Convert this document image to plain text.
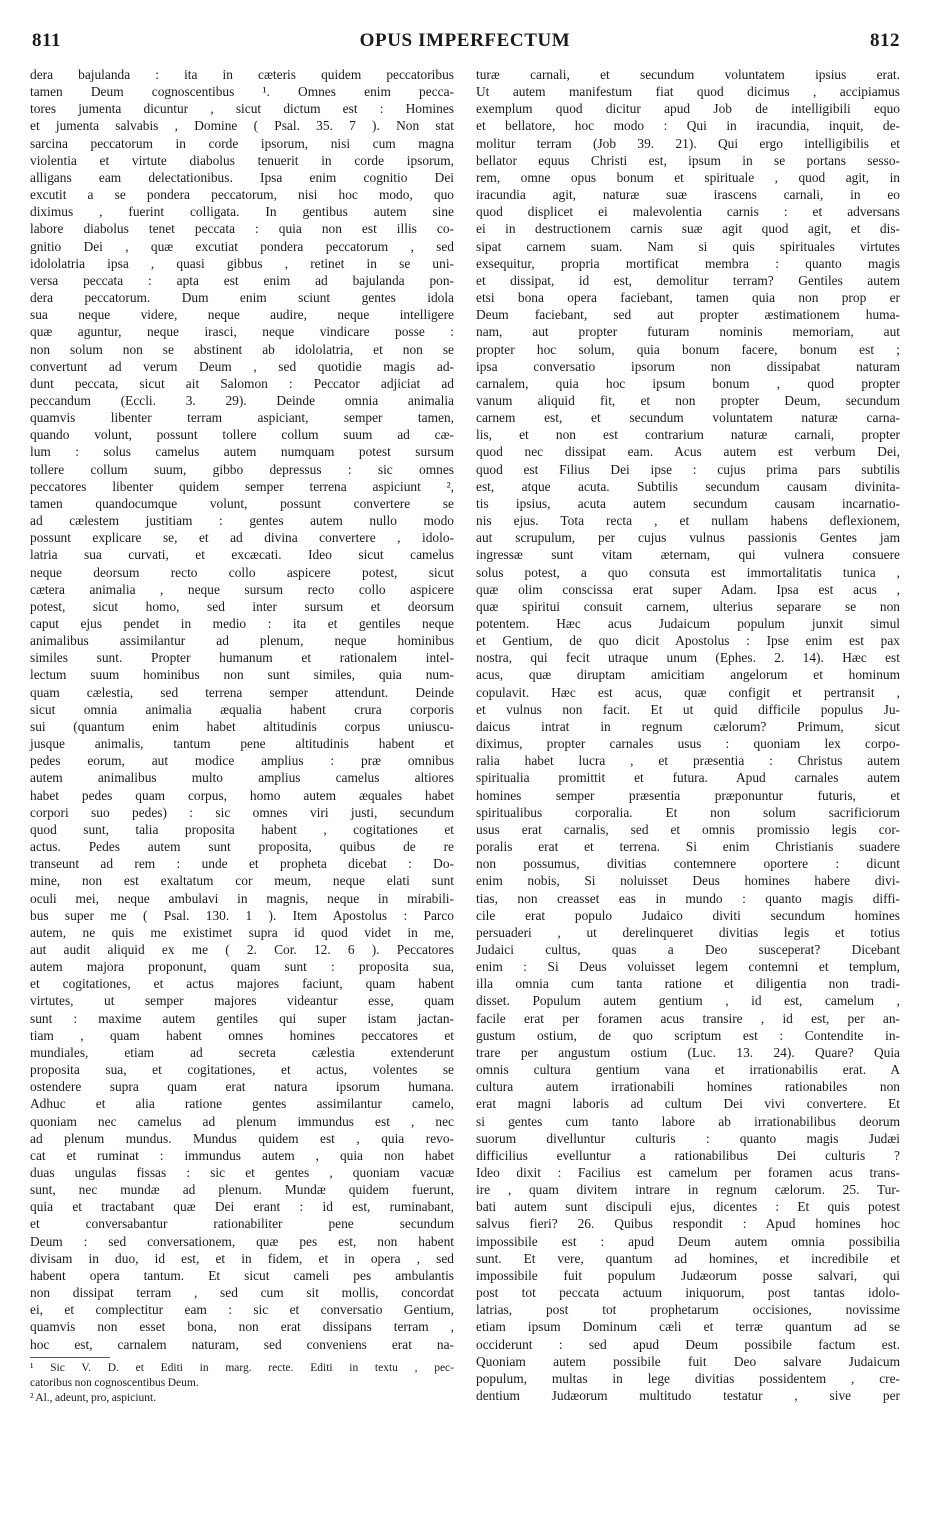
811	OPUS IMPERFECTUM	812
dera bajulanda : ita in cæteris quidem peccatoribus
tamen Deum cognoscentibus ¹. Omnes enim pecca-
tores jumenta dicuntur , sicut dictum est : Homines
et jumenta salvabis , Domine ( Psal. 35. 7 ). Non stat
sarcina peccatorum in corde ipsorum, nisi cum magna
violentia et virtute diabolus tenuerit in corde ipsorum,
alligans eam delectationibus. Ipsa enim cognitio Dei
excutit a se pondera peccatorum, nisi hoc modo, quo
diximus , fuerint colligata. In gentibus autem sine
labore diabolus tenet peccata : quia non est illis co-
gnitio Dei , quæ excutiat pondera peccatorum , sed
idololatria ipsa , quasi gibbus , retinet in se uni-
versa peccata : apta est enim ad bajulanda pon-
dera peccatorum. Dum enim sciunt gentes idola
sua neque videre, neque audire, neque intelligere
quæ aguntur, neque irasci, neque vindicare posse :
non solum non se abstinent ab idololatria, et non se
convertunt ad verum Deum , sed quotidie magis ad-
dunt peccata, sicut ait Salomon : Peccator adjiciat ad
peccandum (Eccli. 3. 29). Deinde omnia animalia
quamvis libenter terram aspiciant, semper tamen,
quando volunt, possunt tollere collum suum ad cæ-
lum : solus camelus autem numquam potest sursum
tollere collum suum, gibbo depressus : sic omnes
peccatores libenter quidem semper terrena aspiciunt ²,
tamen quandocumque volunt, possunt convertere se
ad cælestem justitiam : gentes autem nullo modo
possunt explicare se, et ad divina convertere , idolo-
latria sua curvati, et excæcati. Ideo sicut camelus
neque deorsum recto collo aspicere potest, sicut
cætera animalia , neque sursum recto collo aspicere
potest, sicut homo, sed inter sursum et deorsum
caput ejus pendet in medio : ita et gentiles neque
animalibus assimilantur ad plenum, neque hominibus
similes sunt. Propter humanum et rationalem intel-
lectum suum hominibus non sunt similes, quia num-
quam cælestia, sed terrena semper attendunt. Deinde
sicut omnia animalia æqualia habent crura corporis
sui (quantum enim habet altitudinis corpus uniuscu-
jusque animalis, tantum pene altitudinis habent et
pedes eorum, aut modice amplius : præ omnibus
autem animalibus multo amplius camelus altiores
habet pedes quam corpus, homo autem æquales habet
corpori suo pedes) : sic omnes viri justi, secundum
quod sunt, talia proposita habent , cogitationes et
actus. Pedes autem sunt proposita, quibus de re
transeunt ad rem : unde et propheta dicebat : Do-
mine, non est exaltatum cor meum, neque elati sunt
oculi mei, neque ambulavi in magnis, neque in mirabili-
bus super me ( Psal. 130. 1 ). Item Apostolus : Parco
autem, ne quis me existimet supra id quod videt in me,
aut audit aliquid ex me ( 2. Cor. 12. 6 ). Peccatores
autem majora proponunt, quam sunt : proposita sua,
et cogitationes, et actus majores faciunt, quam habent
virtutes, ut semper majores videantur esse, quam
sunt : maxime autem gentiles qui super istam jactan-
tiam , quam habent omnes homines peccatores et
mundiales, etiam ad secreta cælestia extenderunt
proposita sua, et cogitationes, et actus, volentes se
ostendere supra quam erat natura ipsorum humana.
Adhuc et alia ratione gentes assimilantur camelo,
quoniam nec camelus ad plenum immundus est , nec
ad plenum mundus. Mundus quidem est , quia revo-
cat et ruminat : immundus autem , quia non habet
duas ungulas fissas : sic et gentes , quoniam vacuæ
sunt, nec mundæ ad plenum. Mundæ quidem fuerunt,
quia et tractabant quæ Dei erant : id est, ruminabant,
et conversabantur rationabiliter pene secundum
Deum : sed conversationem, quæ pes est, non habent
divisam in duo, id est, et in fidem, et in opera , sed
habent opera tantum. Et sicut cameli pes ambulantis
non dissipat terram , sed cum sit mollis, concordat
ei, et complectitur eam : sic et conversatio Gentium,
quamvis non esset bona, non erat dissipans terram ,
hoc est, carnalem naturam, sed conveniens erat na-
¹ Sic V. D. et Editi in marg. recte. Editi in textu , pec-
catoribus non cognoscentibus Deum.
² Al., adeunt, pro, aspiciunt.
turæ carnali, et secundum voluntatem ipsius erat.
Ut autem manifestum fiat quod dicimus , accipiamus
exemplum quod dicitur apud Job de intelligibili equo
et bellatore, hoc modo : Qui in iracundia, inquit, de-
molitur terram (Job 39. 21). Qui ergo intelligibilis et
bellator equus Christi est, ipsum in se portans sesso-
rem, omne opus bonum et spirituale , quod agit, in
iracundia agit, naturæ suæ irascens carnali, in eo
quod displicet ei malevolentia carnis : et adversans
ei in destructionem carnis suæ agit quod agit, et dis-
sipat carnem suam. Nam si quis spirituales virtutes
exsequitur, propria mortificat membra : quanto magis
et dissipat, id est, demolitur terram? Gentiles autem
etsi bona opera faciebant, tamen quia non prop er
Deum faciebant, sed aut propter æstimationem huma-
nam, aut propter futuram nominis memoriam, aut
propter hoc solum, quia bonum facere, bonum est ;
ipsa conversatio ipsorum non dissipabat naturam
carnalem, quia hoc ipsum bonum , quod propter
vanum aliquid fit, et non propter Deum, secundum
carnem est, et secundum voluntatem naturæ carna-
lis, et non est contrarium naturæ carnali, propter
quod nec dissipat eam. Acus autem est verbum Dei,
quod est Filius Dei ipse : cujus prima pars subtilis
est, atque acuta. Subtilis secundum causam divinita-
tis ipsius, acuta autem secundum causam incarnatio-
nis ejus. Tota recta , et nullam habens deflexionem,
aut scrupulum, per cujus vulnus passionis Gentes jam
ingressæ sunt vitam æternam, qui vulnera consuere
solus potest, a quo consuta est immortalitatis tunica ,
quæ olim conscissa erat super Adam. Ipsa est acus ,
quæ spiritui consuit carnem, ulterius separare se non
potentem. Hæc acus Judaicum populum junxit simul
et Gentium, de quo dicit Apostolus : Ipse enim est pax
nostra, qui fecit utraque unum (Ephes. 2. 14). Hæc est
acus, quæ diruptam amicitiam angelorum et hominum
copulavit. Hæc est acus, quæ configit et pertransit ,
et vulnus non facit. Et ut quid difficile populus Ju-
daicus intrat in regnum cælorum? Primum, sicut
diximus, propter carnales usus : quoniam lex corpo-
ralia habet lucra , et præsentia : Christus autem
spiritualia promittit et futura. Apud carnales autem
homines semper præsentia præponuntur futuris, et
spiritualibus corporalia. Et non solum sacrificiorum
usus erat carnalis, sed et omnis promissio legis cor-
poralis erat et terrena. Si enim Christianis suadere
non possumus, divitias contemnere oportere : dicunt
enim nobis, Si noluisset Deus homines habere divi-
tias, non creasset eas in mundo : quanto magis diffi-
cile erat populo Judaico diviti secundum homines
persuaderi , ut derelinqueret divitias legis et totius
Judaici cultus, quas a Deo susceperat? Dicebant
enim : Si Deus voluisset legem contemni et templum,
illa omnia cum tanta ratione et diligentia non tradi-
disset. Populum autem gentium , id est, camelum ,
facile erat per foramen acus transire , id est, per an-
gustum ostium, de quo scriptum est : Contendite in-
trare per angustum ostium (Luc. 13. 24). Quare? Quia
omnis cultura gentium vana et irrationabilis erat. A
cultura autem irrationabili homines rationabiles non
erat magni laboris ad cultum Dei vivi convertere. Et
si gentes cum tanto labore ab irrationabilibus deorum
suorum divelluntur culturis : quanto magis Judæi
difficilius evelluntur a rationabilibus Dei culturis ?
Ideo dixit : Facilius est camelum per foramen acus trans-
ire , quam divitem intrare in regnum cælorum. 25. Tur-
bati autem sunt discipuli ejus, dicentes : Et quis potest
salvus fieri? 26. Quibus respondit : Apud homines hoc
impossibile est : apud Deum autem omnia possibilia
sunt. Et vere, quantum ad homines, et incredibile et
impossibile fuit populum Judæorum posse salvari, qui
post tot peccata actuum iniquorum, post tantas idolo-
latrias, post tot prophetarum occisiones, novissime
etiam ipsum Dominum cæli et terræ quantum ad se
occiderunt : sed apud Deum possibile factum est.
Quoniam autem possibile fuit Deo salvare Judaicum
populum, multas in lege divitias possidentem , cre-
dentium Judæorum multitudo testatur , sive per
